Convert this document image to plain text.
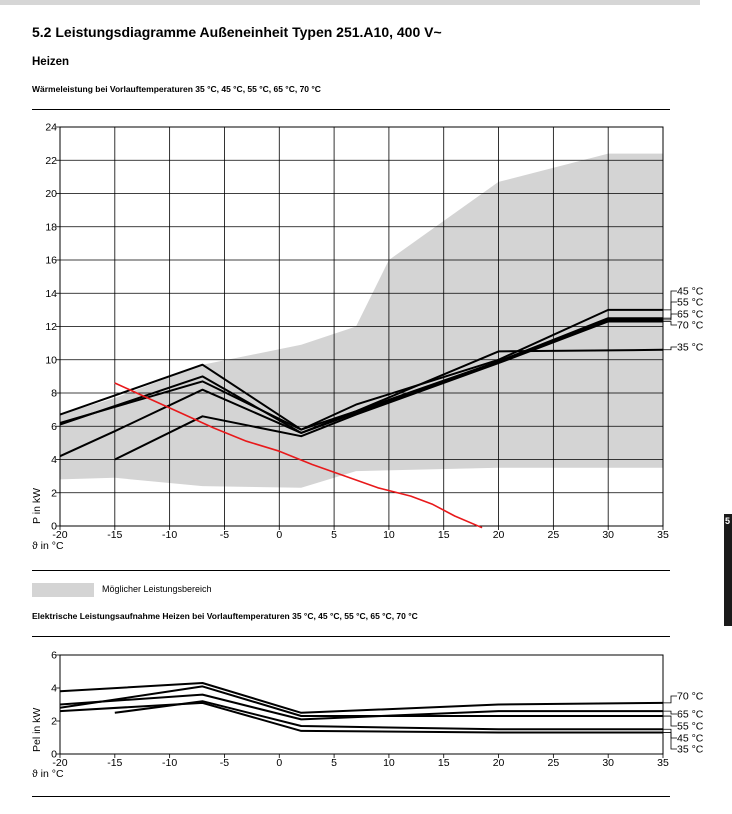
5.2 Leistungsdiagramme Außeneinheit Typen 251.A10, 400 V~
Heizen
Wärmeleistung bei Vorlauftemperaturen 35 °C, 45 °C, 55 °C, 65 °C, 70 °C
Möglicher Leistungsbereich
Elektrische Leistungsaufnahme Heizen bei Vorlauftemperaturen 35 °C, 45 °C, 55 °C, 65 °C, 70 °C
5
-20	-15	-10	-5	0	5	10	15	20	25	30	35
0
2
4
6
8
10
12
14
16
18
20
22
24
ϑ in °C
P in kW
35 °C
45 °C
55 °C
65 °C
70 °C
-20	-15	-10	-5	0	5	10	15	20	25	30	35
0
2
4
6
ϑ in °C
Pel in kW
70 °C
65 °C
55 °C
45 °C
35 °C
